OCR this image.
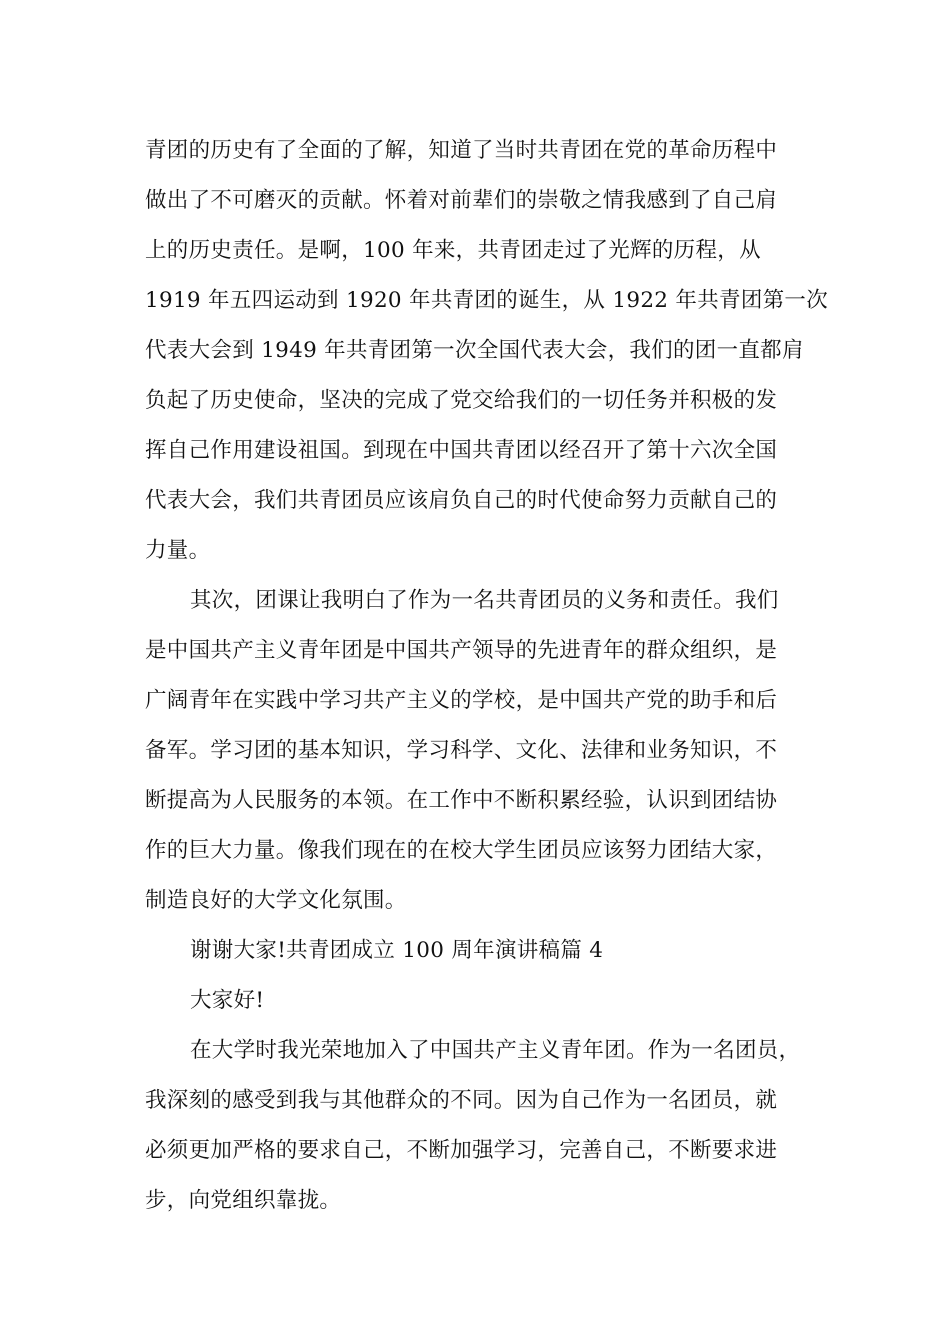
青团的历史有了全面的了解，知道了当时共青团在党的革命历程中
做出了不可磨灭的贡献。怀着对前辈们的崇敬之情我感到了自己肩
上的历史责任。是啊，100 年来，共青团走过了光辉的历程，从
1919 年五四运动到 1920 年共青团的诞生，从 1922 年共青团第一次
代表大会到 1949 年共青团第一次全国代表大会，我们的团一直都肩
负起了历史使命，坚决的完成了党交给我们的一切任务并积极的发
挥自己作用建设祖国。到现在中国共青团以经召开了第十六次全国
代表大会，我们共青团员应该肩负自己的时代使命努力贡献自己的
力量。
其次，团课让我明白了作为一名共青团员的义务和责任。我们
是中国共产主义青年团是中国共产领导的先进青年的群众组织，是
广阔青年在实践中学习共产主义的学校，是中国共产党的助手和后
备军。学习团的基本知识，学习科学、文化、法律和业务知识，不
断提高为人民服务的本领。在工作中不断积累经验，认识到团结协
作的巨大力量。像我们现在的在校大学生团员应该努力团结大家，
制造良好的大学文化氛围。
谢谢大家!共青团成立 100 周年演讲稿篇 4
大家好!
在大学时我光荣地加入了中国共产主义青年团。作为一名团员，
我深刻的感受到我与其他群众的不同。因为自己作为一名团员，就
必须更加严格的要求自己，不断加强学习，完善自己，不断要求进
步，向党组织靠拢。
